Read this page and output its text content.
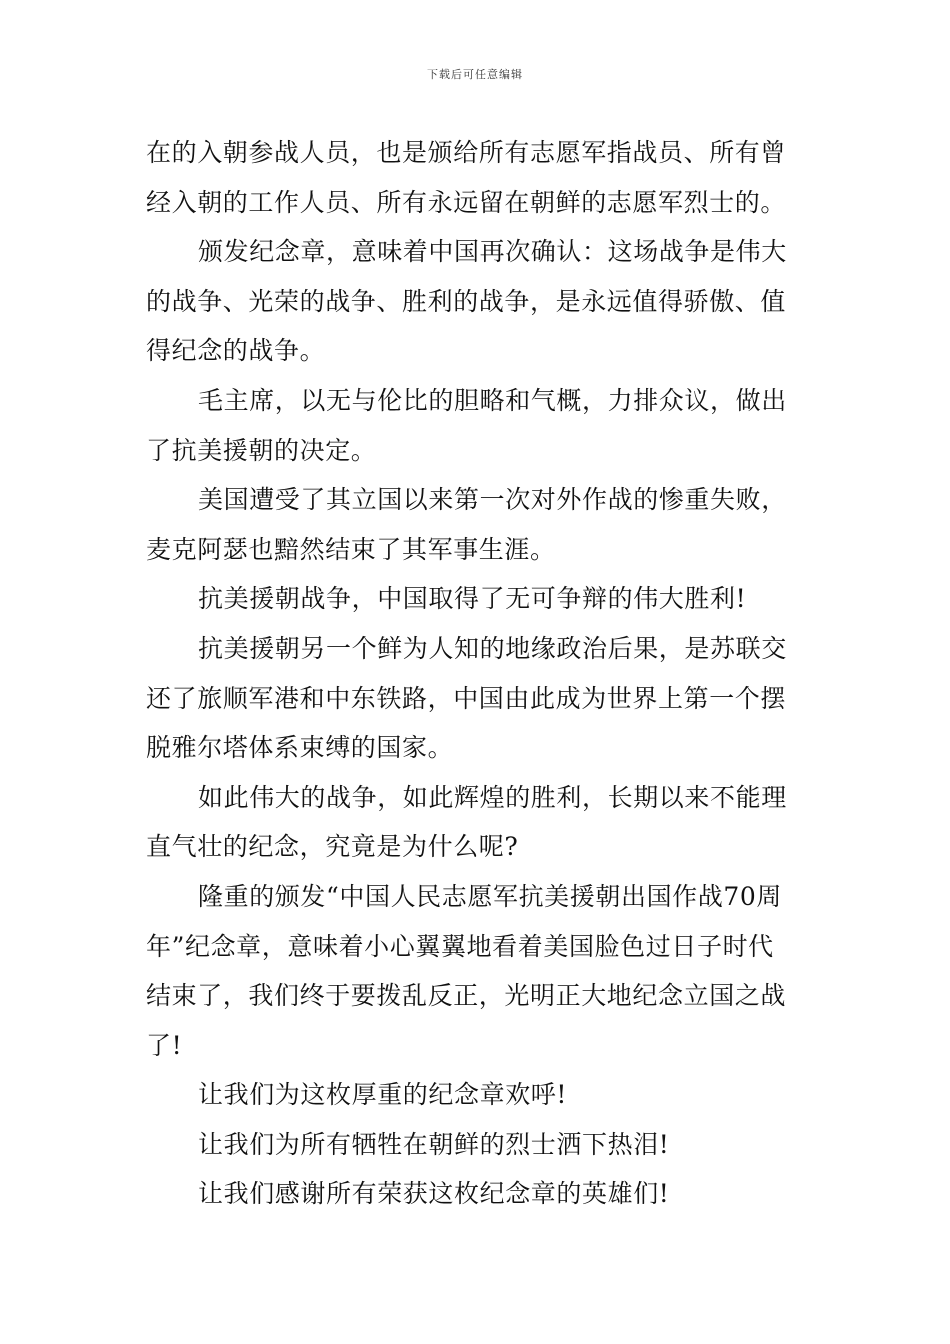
下载后可任意编辑
在的入朝参战人员，也是颁给所有志愿军指战员、所有曾
经入朝的工作人员、所有永远留在朝鲜的志愿军烈士的。
颁发纪念章，意味着中国再次确认：这场战争是伟大
的战争、光荣的战争、胜利的战争，是永远值得骄傲、值
得纪念的战争。
毛主席，以无与伦比的胆略和气概，力排众议，做出
了抗美援朝的决定。
美国遭受了其立国以来第一次对外作战的惨重失败，
麦克阿瑟也黯然结束了其军事生涯。
抗美援朝战争，中国取得了无可争辩的伟大胜利!
抗美援朝另一个鲜为人知的地缘政治后果，是苏联交
还了旅顺军港和中东铁路，中国由此成为世界上第一个摆
脱雅尔塔体系束缚的国家。
如此伟大的战争，如此辉煌的胜利，长期以来不能理
直气壮的纪念，究竟是为什么呢?
隆重的颁发“中国人民志愿军抗美援朝出国作战70周
年”纪念章，意味着小心翼翼地看着美国脸色过日子时代
结束了，我们终于要拨乱反正，光明正大地纪念立国之战
了!
让我们为这枚厚重的纪念章欢呼!
让我们为所有牺牲在朝鲜的烈士洒下热泪!
让我们感谢所有荣获这枚纪念章的英雄们!
